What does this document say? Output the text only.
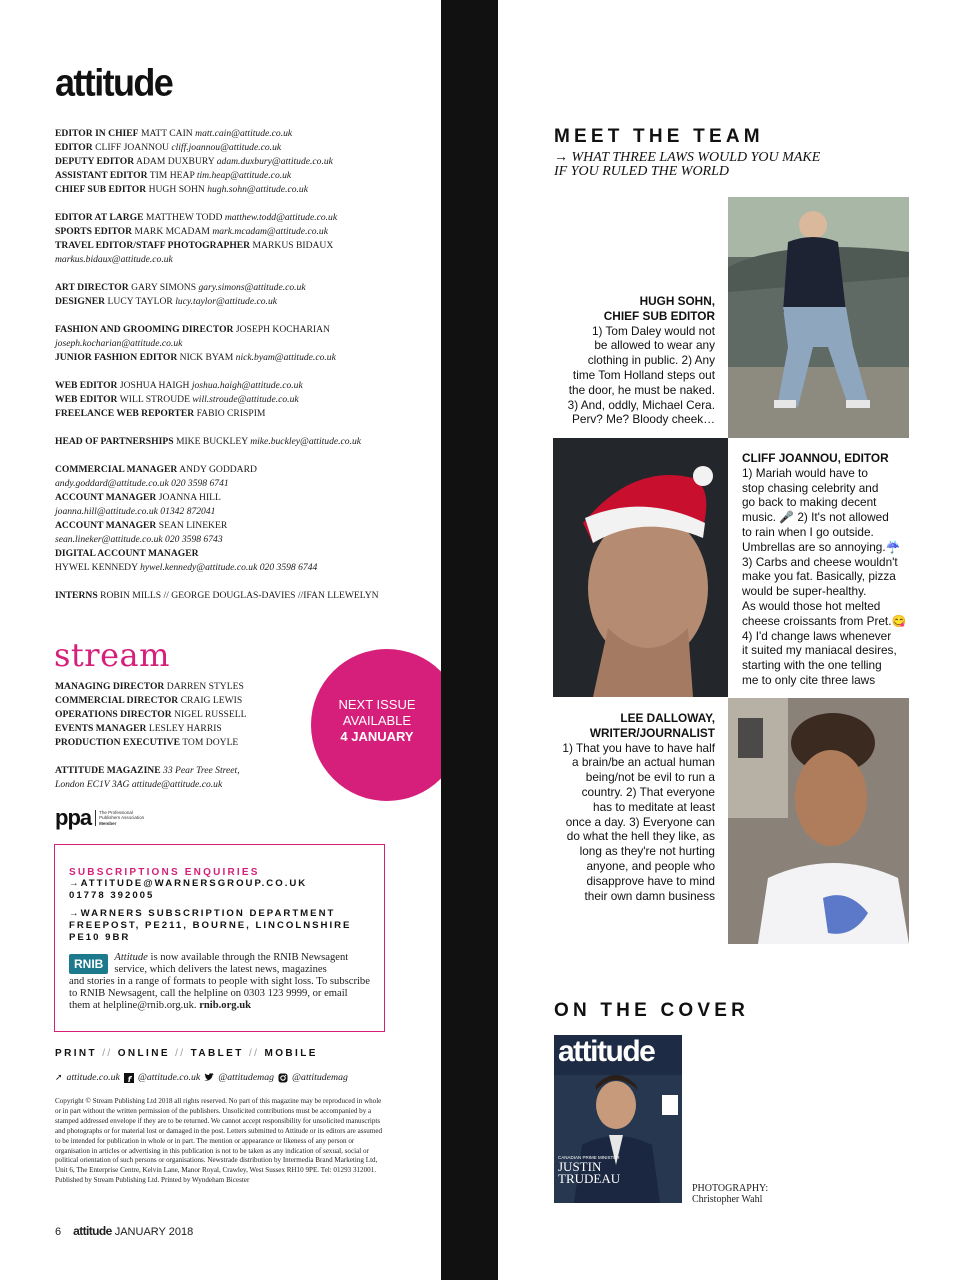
attitude
EDITOR IN CHIEF MATT CAIN matt.cain@attitude.co.uk
EDITOR CLIFF JOANNOU cliff.joannou@attitude.co.uk
DEPUTY EDITOR ADAM DUXBURY adam.duxbury@attitude.co.uk
ASSISTANT EDITOR TIM HEAP tim.heap@attitude.co.uk
CHIEF SUB EDITOR HUGH SOHN hugh.sohn@attitude.co.uk
EDITOR AT LARGE MATTHEW TODD matthew.todd@attitude.co.uk
SPORTS EDITOR MARK MCADAM mark.mcadam@attitude.co.uk
TRAVEL EDITOR/STAFF PHOTOGRAPHER MARKUS BIDAUX
markus.bidaux@attitude.co.uk
ART DIRECTOR GARY SIMONS gary.simons@attitude.co.uk
DESIGNER LUCY TAYLOR lucy.taylor@attitude.co.uk
FASHION AND GROOMING DIRECTOR JOSEPH KOCHARIAN
joseph.kocharian@attitude.co.uk
JUNIOR FASHION EDITOR NICK BYAM nick.byam@attitude.co.uk
WEB EDITOR JOSHUA HAIGH joshua.haigh@attitude.co.uk
WEB EDITOR WILL STROUDE will.stroude@attitude.co.uk
FREELANCE WEB REPORTER FABIO CRISPIM
HEAD OF PARTNERSHIPS MIKE BUCKLEY mike.buckley@attitude.co.uk
COMMERCIAL MANAGER ANDY GODDARD
andy.goddard@attitude.co.uk 020 3598 6741
ACCOUNT MANAGER JOANNA HILL
joanna.hill@attitude.co.uk 01342 872041
ACCOUNT MANAGER SEAN LINEKER
sean.lineker@attitude.co.uk 020 3598 6743
DIGITAL ACCOUNT MANAGER
HYWEL KENNEDY hywel.kennedy@attitude.co.uk 020 3598 6744
INTERNS ROBIN MILLS // GEORGE DOUGLAS-DAVIES //IFAN LLEWELYN
stream
MANAGING DIRECTOR DARREN STYLES
COMMERCIAL DIRECTOR CRAIG LEWIS
OPERATIONS DIRECTOR NIGEL RUSSELL
EVENTS MANAGER LESLEY HARRIS
PRODUCTION EXECUTIVE TOM DOYLE
ATTITUDE MAGAZINE 33 Pear Tree Street,
London EC1V 3AG attitude@attitude.co.uk
ppa	The Professional
Publishers Association
Member
NEXT ISSUE
AVAILABLE
4 JANUARY
SUBSCRIPTIONS ENQUIRIES
→ATTITUDE@WARNERSGROUP.CO.UK
01778 392005
→WARNERS SUBSCRIPTION DEPARTMENT
FREEPOST, PE211, BOURNE, LINCOLNSHIRE
PE10 9BR
RNIB	Attitude is now available through the RNIB Newsagent service, which delivers the latest news, magazines
and stories in a range of formats to people with sight loss. To subscribe to RNIB Newsagent, call the helpline on 0303 123 9999, or email them at helpline@rnib.org.uk. rnib.org.uk
PRINT // ONLINE // TABLET // MOBILE
➚ attitude.co.uk f @attitude.co.uk @attitudemag @attitudemag
Copyright © Stream Publishing Ltd 2018 all rights reserved. No part of this magazine may be reproduced in whole or in part without the written permission of the publishers. Unsolicited contributions must be accompanied by a stamped addressed envelope if they are to be returned. We cannot accept responsibility for unsolicited manuscripts and photographs or for material lost or damaged in the post. Letters submitted to Attitude or its editors are assumed to be intended for publication in whole or in part. The mention or appearance or likeness of any person or organisation in articles or advertising in this publication is not to be taken as any indication of sexual, social or political orientation of such persons or organisations. Newstrade distribution by Intermedia Brand Marketing Ltd, Unit 6, The Enterprise Centre, Kelvin Lane, Manor Royal, Crawley, West Sussex RH10 9PE. Tel: 01293 312001. Published by Stream Publishing Ltd. Printed by Wyndeham Bicester
6 attitude JANUARY 2018
MEET THE TEAM
→ WHAT THREE LAWS WOULD YOU MAKE
IF YOU RULED THE WORLD
HUGH SOHN,
CHIEF SUB EDITOR
1) Tom Daley would not
be allowed to wear any
clothing in public. 2) Any
time Tom Holland steps out
the door, he must be naked.
3) And, oddly, Michael Cera.
Perv? Me? Bloody cheek…
CLIFF JOANNOU, EDITOR
1) Mariah would have to
stop chasing celebrity and
go back to making decent
music. 🎤 2) It's not allowed
to rain when I go outside.
Umbrellas are so annoying.☔
3) Carbs and cheese wouldn't
make you fat. Basically, pizza
would be super-healthy.
As would those hot melted
cheese croissants from Pret.😋
4) I'd change laws whenever
it suited my maniacal desires,
starting with the one telling
me to only cite three laws
LEE DALLOWAY,
WRITER/JOURNALIST
1) That you have to have half
a brain/be an actual human
being/not be evil to run a
country. 2) That everyone
has to meditate at least
once a day. 3) Everyone can
do what the hell they like, as
long as they're not hurting
anyone, and people who
disapprove have to mind
their own damn business
ON THE COVER
attitude
CANADIAN PRIME MINISTER
JUSTIN
TRUDEAU
PHOTOGRAPHY:
Christopher Wahl
